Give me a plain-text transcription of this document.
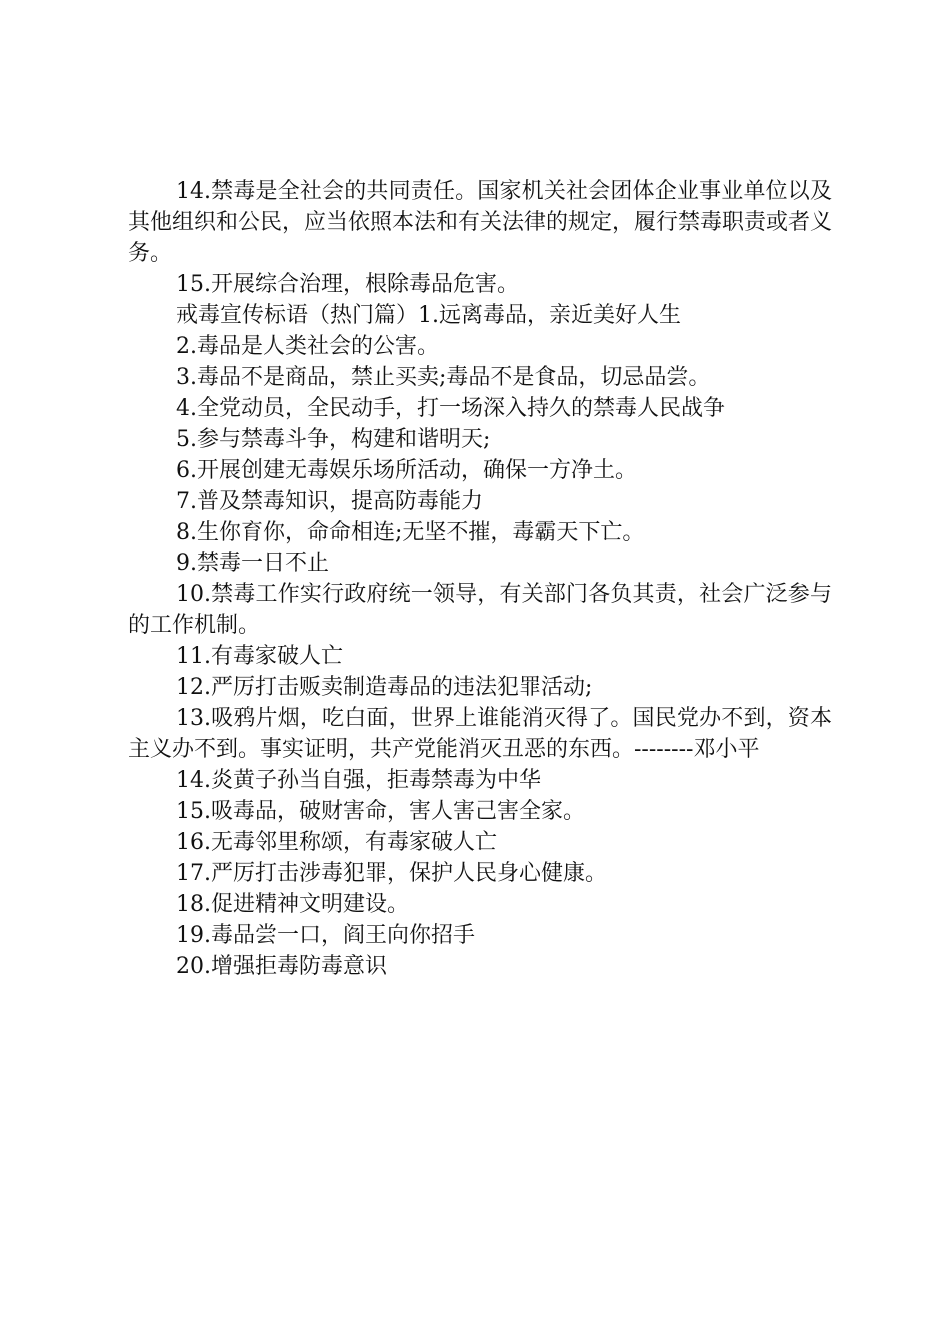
14.禁毒是全社会的共同责任。国家机关社会团体企业事业单位以及其他组织和公民，应当依照本法和有关法律的规定，履行禁毒职责或者义务。

15.开展综合治理，根除毒品危害。

戒毒宣传标语（热门篇）1.远离毒品，亲近美好人生

2.毒品是人类社会的公害。

3.毒品不是商品，禁止买卖;毒品不是食品，切忌品尝。

4.全党动员，全民动手，打一场深入持久的禁毒人民战争

5.参与禁毒斗争，构建和谐明天;

6.开展创建无毒娱乐场所活动，确保一方净土。

7.普及禁毒知识，提高防毒能力

8.生你育你，命命相连;无坚不摧，毒霸天下亡。

9.禁毒一日不止

10.禁毒工作实行政府统一领导，有关部门各负其责，社会广泛参与的工作机制。

11.有毒家破人亡

12.严厉打击贩卖制造毒品的违法犯罪活动;

13.吸鸦片烟，吃白面，世界上谁能消灭得了。国民党办不到，资本主义办不到。事实证明，共产党能消灭丑恶的东西。--------邓小平

14.炎黄子孙当自强，拒毒禁毒为中华

15.吸毒品，破财害命，害人害己害全家。

16.无毒邻里称颂，有毒家破人亡

17.严厉打击涉毒犯罪，保护人民身心健康。

18.促进精神文明建设。

19.毒品尝一口，阎王向你招手

20.增强拒毒防毒意识
